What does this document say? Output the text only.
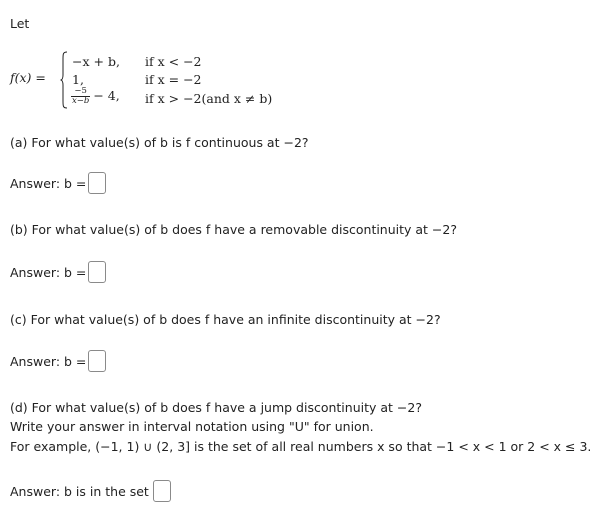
Let
f(x) =
−x + b, if x < −2
1,	if x = −2
$\frac{-5}{x-b} - 4$, if x > −2(and x ≠ b)
(a) For what value(s) of b is f continuous at −2?
Answer: b =
(b) For what value(s) of b does f have a removable discontinuity at −2?
Answer: b =
(c) For what value(s) of b does f have an infinite discontinuity at −2?
Answer: b =
(d) For what value(s) of b does f have a jump discontinuity at −2?
Write your answer in interval notation using "U" for union.
For example, (−1, 1) ∪ (2, 3] is the set of all real numbers x so that −1 < x < 1 or 2 < x ≤ 3.
Answer: b is in the set
